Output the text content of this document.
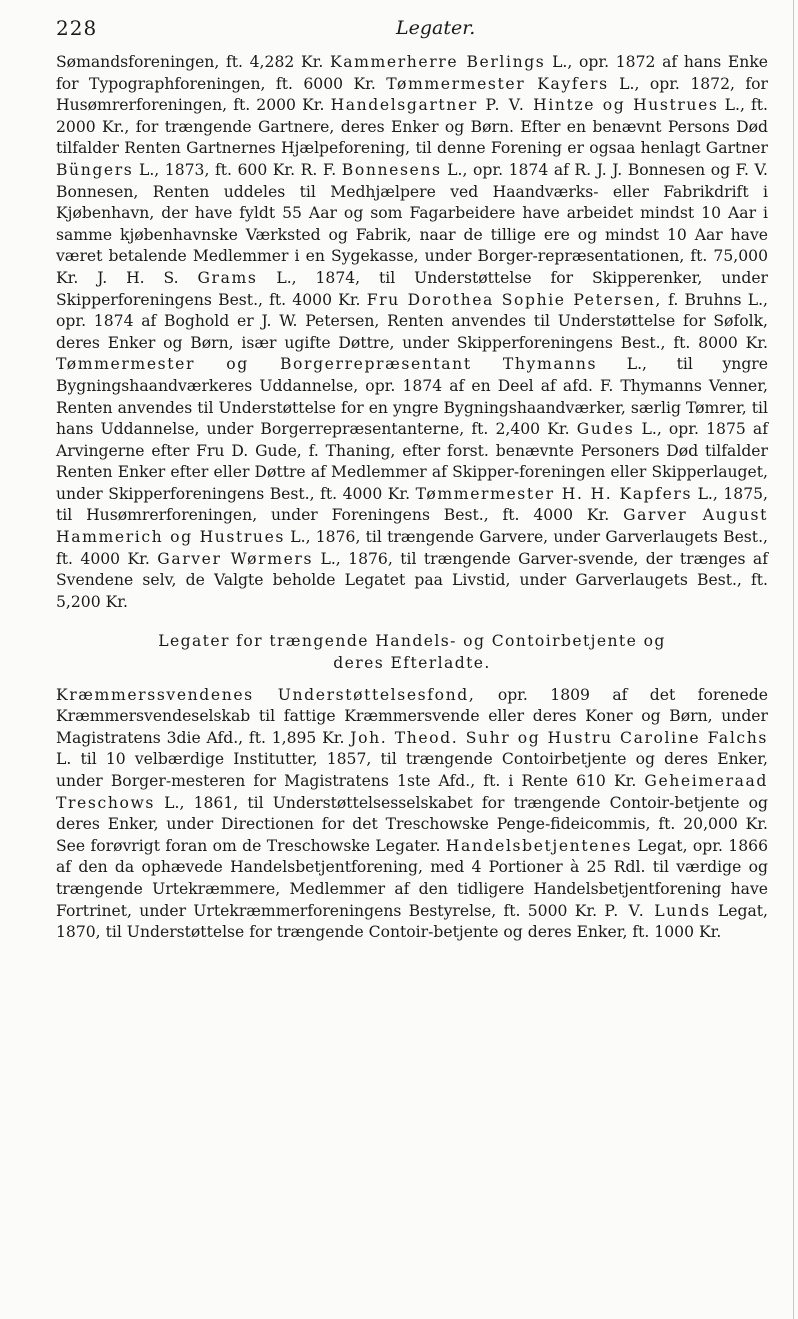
228	Legater.

Sømandsforeningen, ft. 4,282 Kr. Kammerherre Berlings L., opr. 1872 af hans Enke for Typographforeningen, ft. 6000 Kr. Tømmermester Kayfers L., opr. 1872, for Husømrerforeningen, ft. 2000 Kr. Handelsgartner P. V. Hintze og Hustrues L., ft. 2000 Kr., for trængende Gartnere, deres Enker og Børn. Efter en benævnt Persons Død tilfalder Renten Gartnernes Hjælpeforening, til denne Forening er ogsaa henlagt Gartner Büngers L., 1873, ft. 600 Kr. R. F. Bonnesens L., opr. 1874 af R. J. J. Bonnesen og F. V. Bonnesen, Renten uddeles til Medhjælpere ved Haandværks- eller Fabrikdrift i Kjøbenhavn, der have fyldt 55 Aar og som Fagarbeidere have arbeidet mindst 10 Aar i samme kjøbenhavnske Værksted og Fabrik, naar de tillige ere og mindst 10 Aar have været betalende Medlemmer i en Sygekasse, under Borger-repræsentationen, ft. 75,000 Kr. J. H. S. Grams L., 1874, til Understøttelse for Skipperenker, under Skipperforeningens Best., ft. 4000 Kr. Fru Dorothea Sophie Petersen, f. Bruhns L., opr. 1874 af Boghold er J. W. Petersen, Renten anvendes til Understøttelse for Søfolk, deres Enker og Børn, især ugifte Døttre, under Skipperforeningens Best., ft. 8000 Kr. Tømmermester og Borgerrepræsentant Thymanns L., til yngre Bygningshaandværkeres Uddannelse, opr. 1874 af en Deel af afd. F. Thymanns Venner, Renten anvendes til Understøttelse for en yngre Bygningshaandværker, særlig Tømrer, til hans Uddannelse, under Borgerrepræsentanterne, ft. 2,400 Kr. Gudes L., opr. 1875 af Arvingerne efter Fru D. Gude, f. Thaning, efter forst. benævnte Personers Død tilfalder Renten Enker efter eller Døttre af Medlemmer af Skipper-foreningen eller Skipperlauget, under Skipperforeningens Best., ft. 4000 Kr. Tømmermester H. H. Kapfers L., 1875, til Husømrerforeningen, under Foreningens Best., ft. 4000 Kr. Garver August Hammerich og Hustrues L., 1876, til trængende Garvere, under Garverlaugets Best., ft. 4000 Kr. Garver Wørmers L., 1876, til trængende Garver-svende, der trænges af Svendene selv, de Valgte beholde Legatet paa Livstid, under Garverlaugets Best., ft. 5,200 Kr.

Legater for trængende Handels- og Contoirbetjente og
deres Efterladte.

Kræmmerssvendenes Understøttelsesfond, opr. 1809 af det forenede Kræmmersvendeselskab til fattige Kræmmersvende eller deres Koner og Børn, under Magistratens 3die Afd., ft. 1,895 Kr. Joh. Theod. Suhr og Hustru Caroline Falchs L. til 10 velbærdige Institutter, 1857, til trængende Contoirbetjente og deres Enker, under Borger-mesteren for Magistratens 1ste Afd., ft. i Rente 610 Kr. Geheimeraad Treschows L., 1861, til Understøttelsesselskabet for trængende Contoir-betjente og deres Enker, under Directionen for det Treschowske Penge-fideicommis, ft. 20,000 Kr. See forøvrigt foran om de Treschowske Legater. Handelsbetjentenes Legat, opr. 1866 af den da ophævede Handelsbetjentforening, med 4 Portioner à 25 Rdl. til værdige og trængende Urtekræmmere, Medlemmer af den tidligere Handelsbetjentforening have Fortrinet, under Urtekræmmerforeningens Bestyrelse, ft. 5000 Kr. P. V. Lunds Legat, 1870, til Understøttelse for trængende Contoir-betjente og deres Enker, ft. 1000 Kr.
